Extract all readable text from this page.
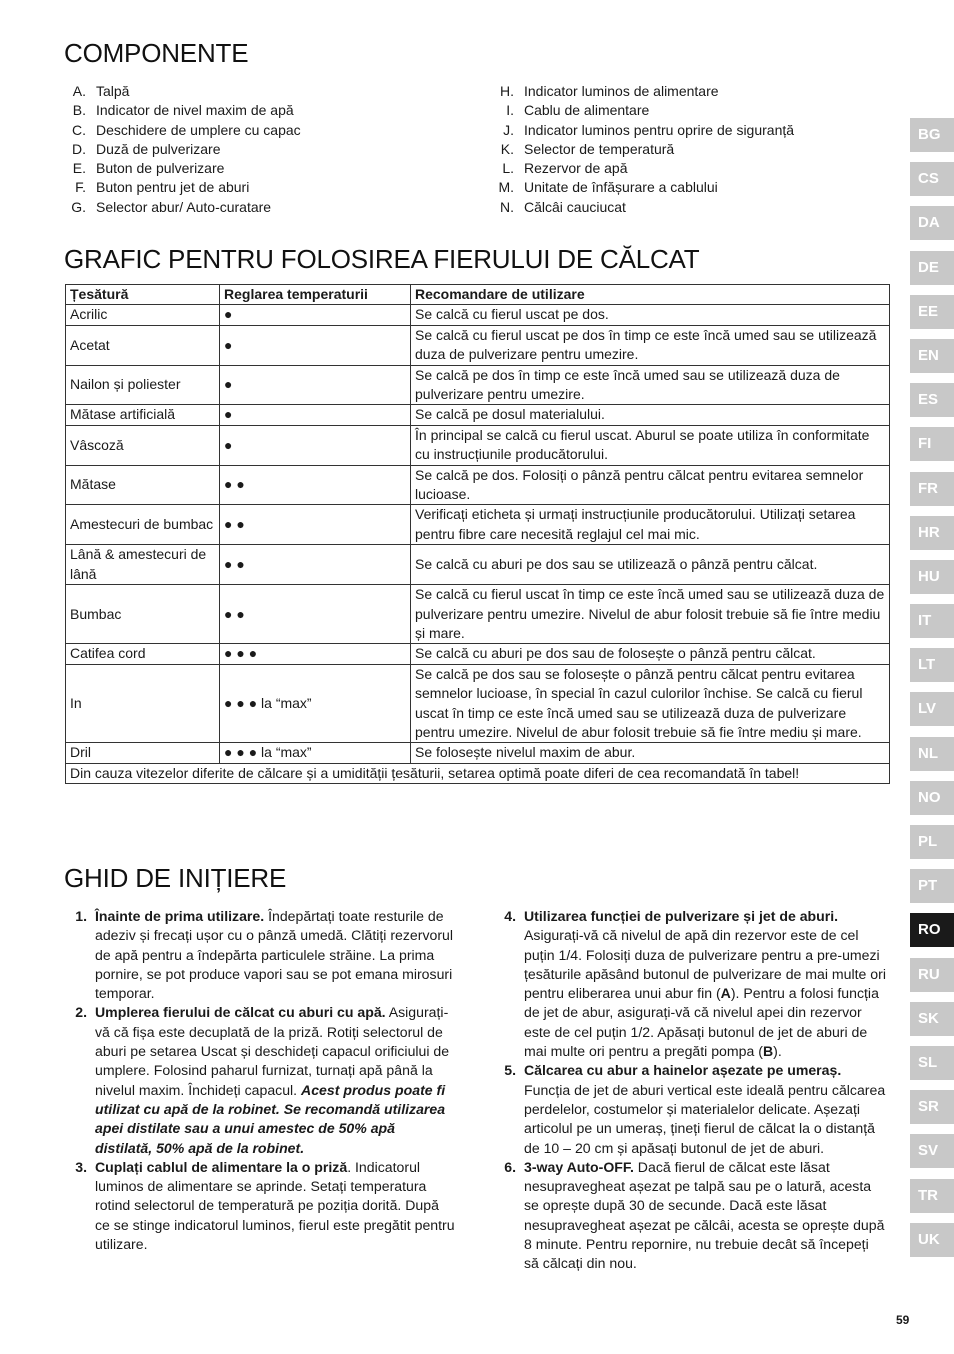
COMPONENTE
A. Talpă
B. Indicator de nivel maxim de apă
C. Deschidere de umplere cu capac
D. Duză de pulverizare
E. Buton de pulverizare
F. Buton pentru jet de aburi
G. Selector abur/ Auto-curatare
H. Indicator luminos de alimentare
I. Cablu de alimentare
J. Indicator luminos pentru oprire de siguranță
K. Selector de temperatură
L. Rezervor de apă
M. Unitate de înfășurare a cablului
N. Călcâi cauciucat
GRAFIC PENTRU FOLOSIREA FIERULUI DE CĂLCAT
Țesătură	Reglarea temperaturii	Recomandare de utilizare
Acrilic	●	Se calcă cu fierul uscat pe dos.
Acetat	●	Se calcă cu fierul uscat pe dos în timp ce este încă umed sau se utilizează duza de pulverizare pentru umezire.
Nailon și poliester	●	Se calcă pe dos în timp ce este încă umed sau se utilizează duza de pulverizare pentru umezire.
Mătase artificială	●	Se calcă pe dosul materialului.
Vâscoză	●	În principal se calcă cu fierul uscat. Aburul se poate utiliza în conformitate cu instrucțiunile producătorului.
Mătase	● ●	Se calcă pe dos. Folosiți o pânză pentru călcat pentru evitarea semnelor lucioase.
Amestecuri de bumbac	● ●	Verificați eticheta și urmați instrucțiunile producătorului. Utilizați setarea pentru fibre care necesită reglajul cel mai mic.
Lână & amestecuri de lână	● ●	Se calcă cu aburi pe dos sau se utilizează o pânză pentru călcat.
Bumbac	● ●	Se calcă cu fierul uscat în timp ce este încă umed sau se utilizează duza de pulverizare pentru umezire. Nivelul de abur folosit trebuie să fie între mediu și mare.
Catifea cord	● ● ●	Se calcă cu aburi pe dos sau de folosește o pânză pentru călcat.
In	● ● ● la “max”	Se calcă pe dos sau se folosește o pânză pentru călcat pentru evitarea semnelor lucioase, în special în cazul culorilor închise. Se calcă cu fierul uscat în timp ce este încă umed sau se utilizează duza de pulverizare pentru umezire. Nivelul de abur folosit trebuie să fie între mediu și mare.
Dril	● ● ● la “max”	Se folosește nivelul maxim de abur.
Din cauza vitezelor diferite de călcare și a umidității țesăturii, setarea optimă poate diferi de cea recomandată în tabel!		
GHID DE INIȚIERE
1. Înainte de prima utilizare. Îndepărtați toate resturile de adeziv și frecați ușor cu o pânză umedă. Clătiți rezervorul de apă pentru a îndepărta particulele străine. La prima pornire, se pot produce vapori sau se pot emana mirosuri temporar.
2. Umplerea fierului de călcat cu aburi cu apă. Asigurați-vă că fișa este decuplată de la priză. Rotiți selectorul de aburi pe setarea Uscat și deschideți capacul orificiului de umplere. Folosind paharul furnizat, turnați apă până la nivelul maxim. Închideți capacul. Acest produs poate fi utilizat cu apă de la robinet. Se recomandă utilizarea apei distilate sau a unui amestec de 50% apă distilată, 50% apă de la robinet.
3. Cuplați cablul de alimentare la o priză. Indicatorul luminos de alimentare se aprinde. Setați temperatura rotind selectorul de temperatură pe poziția dorită. După ce se stinge indicatorul luminos, fierul este pregătit pentru utilizare.
4. Utilizarea funcției de pulverizare și jet de aburi. Asigurați-vă că nivelul de apă din rezervor este de cel puțin 1/4. Folosiți duza de pulverizare pentru a pre-umezi țesăturile apăsând butonul de pulverizare de mai multe ori pentru eliberarea unui abur fin (A). Pentru a folosi funcția de jet de abur, asigurați-vă că nivelul apei din rezervor este de cel puțin 1/2. Apăsați butonul de jet de aburi de mai multe ori pentru a pregăti pompa (B).
5. Călcarea cu abur a hainelor așezate pe umeraș. Funcția de jet de aburi vertical este ideală pentru călcarea perdelelor, costumelor și materialelor delicate. Așezați articolul pe un umeraș, țineți fierul de călcat la o distanță de 10 – 20 cm și apăsați butonul de jet de aburi.
6. 3-way Auto-OFF. Dacă fierul de călcat este lăsat nesupravegheat așezat pe talpă sau pe o latură, acesta se oprește după 30 de secunde. Dacă este lăsat nesupravegheat așezat pe călcâi, acesta se oprește după 8 minute. Pentru repornire, nu trebuie decât să începeți să călcați din nou.
BG
CS
DA
DE
EE
EN
ES
FI
FR
HR
HU
IT
LT
LV
NL
NO
PL
PT
RO
RU
SK
SL
SR
SV
TR
UK
59
